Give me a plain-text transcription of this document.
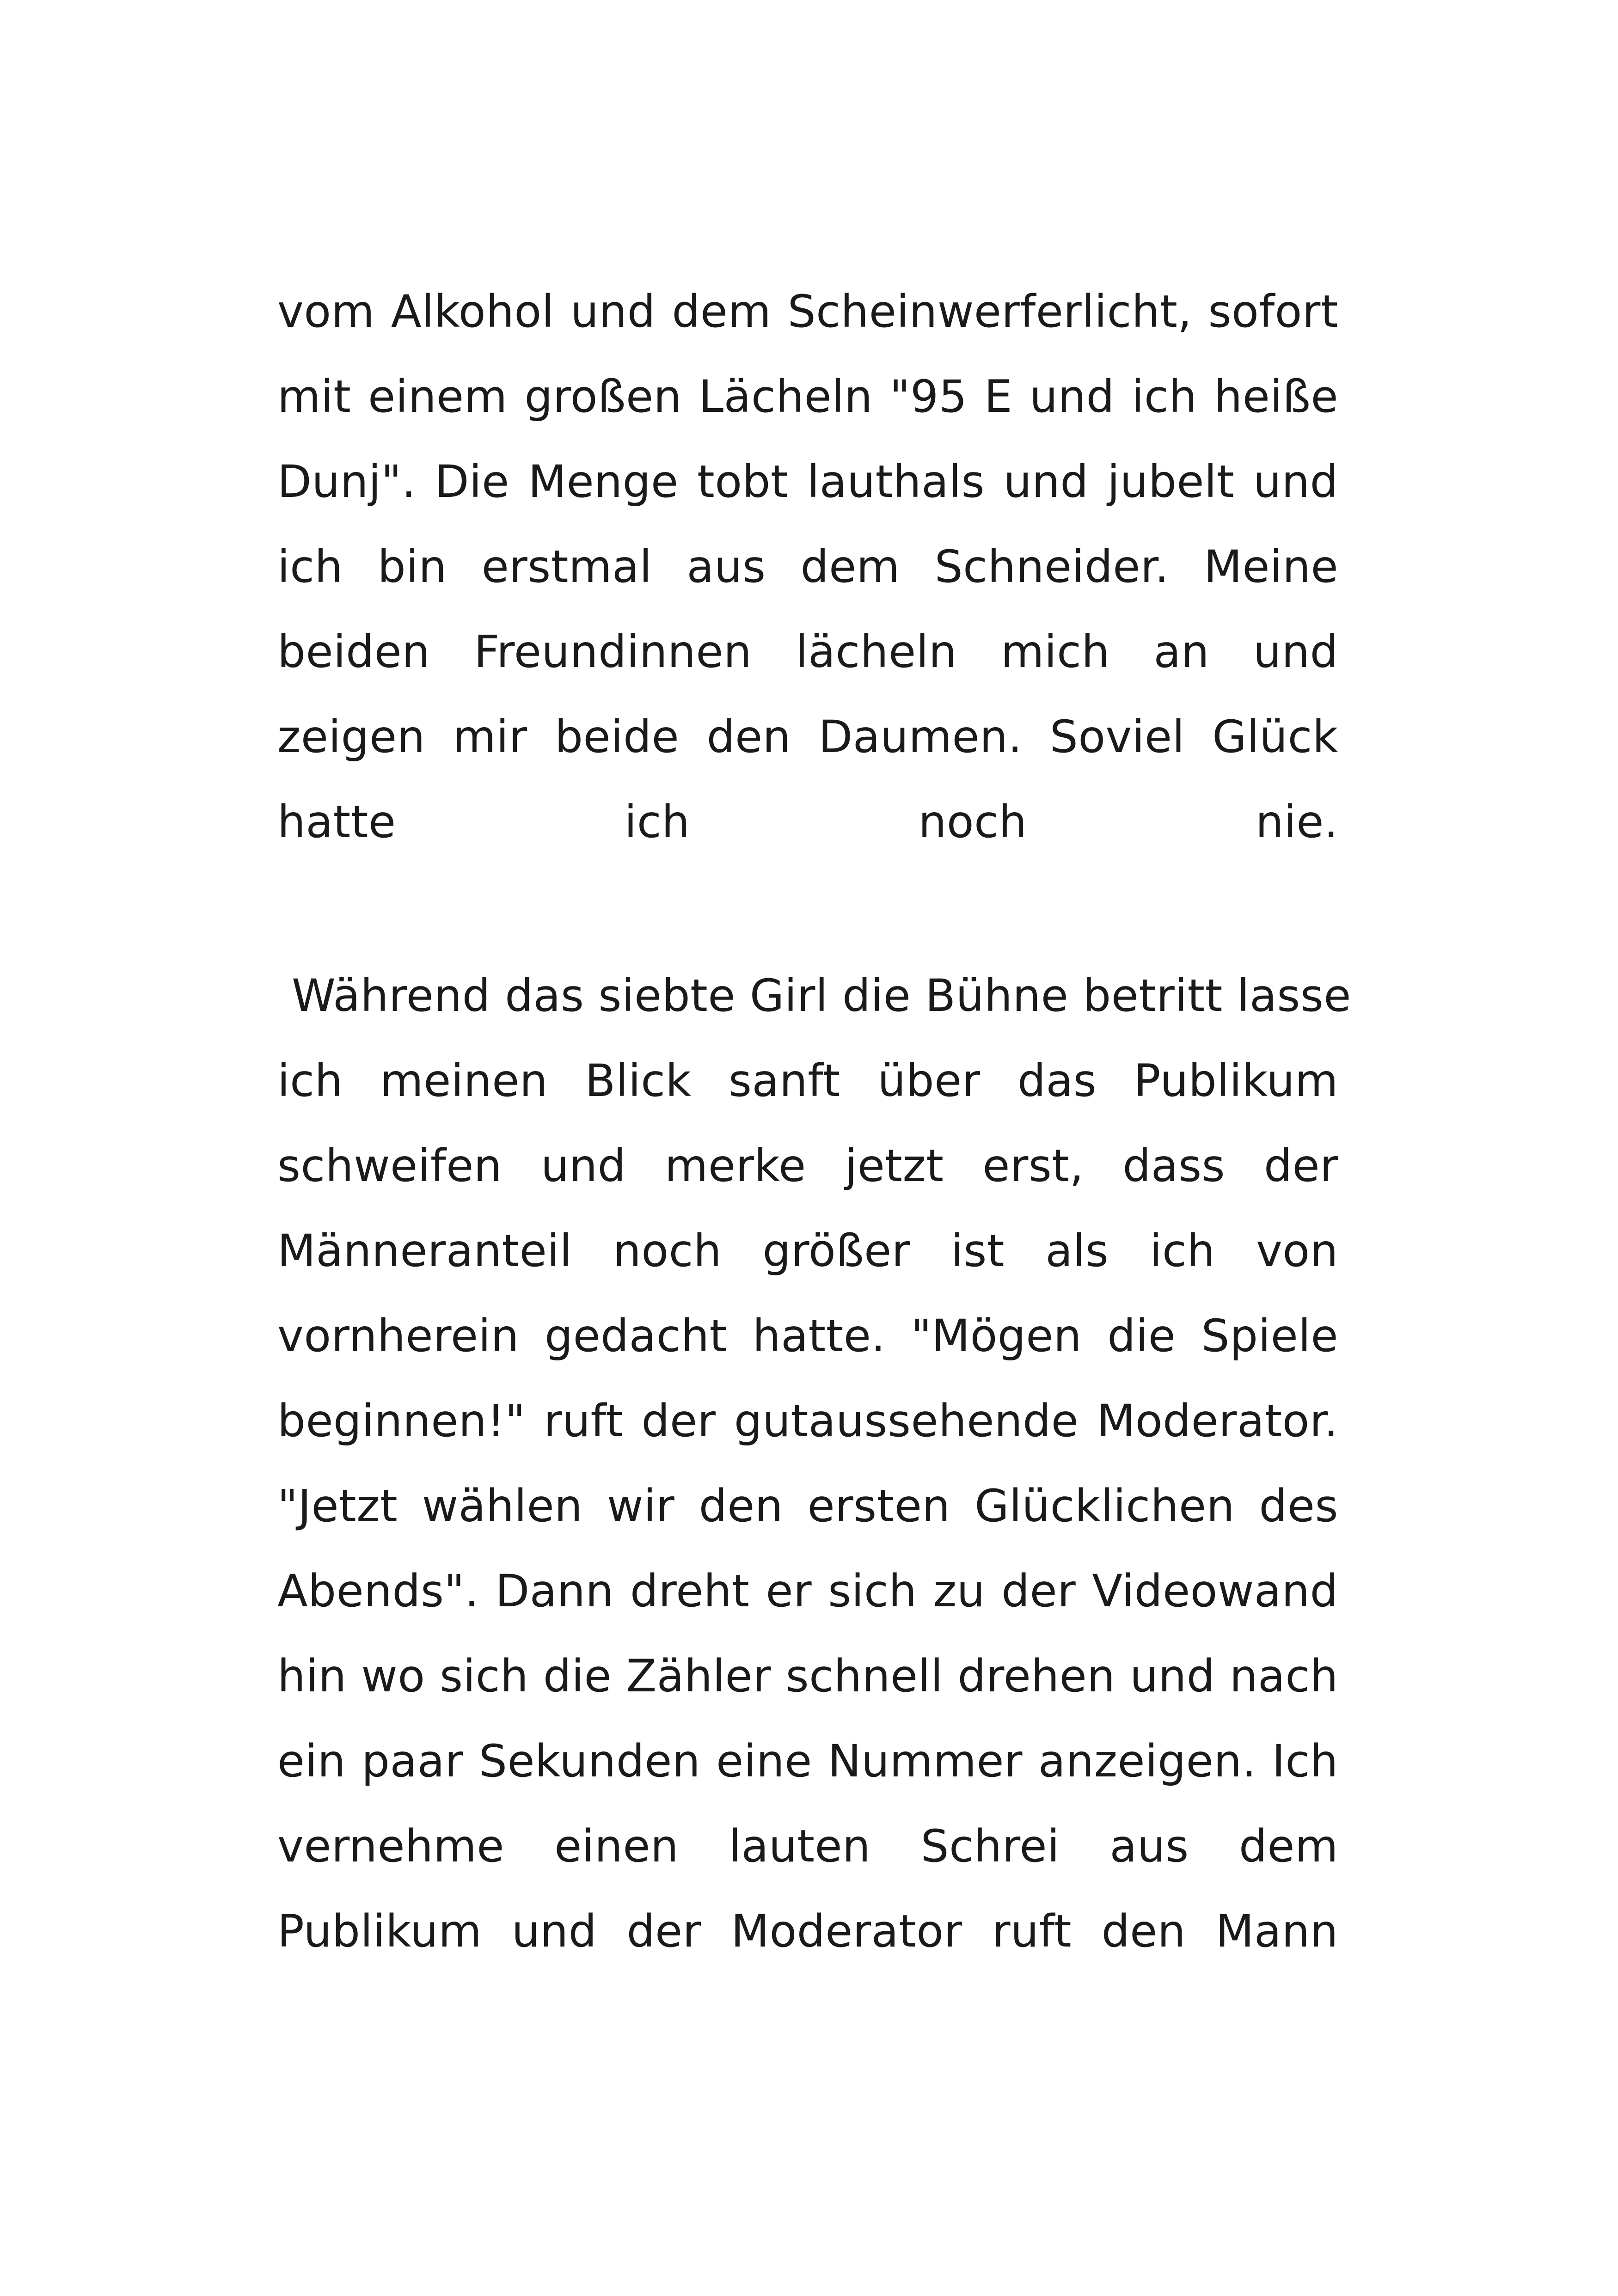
vom Alkohol und dem Scheinwerferlicht, sofort
mit einem großen Lächeln "95 E und ich heiße
Dunj". Die Menge tobt lauthals und jubelt und
ich bin erstmal aus dem Schneider. Meine
beiden Freundinnen lächeln mich an und
zeigen mir beide den Daumen. Soviel Glück
hatte ich noch nie.
Während das siebte Girl die Bühne betritt lasse
ich meinen Blick sanft über das Publikum
schweifen und merke jetzt erst, dass der
Männeranteil noch größer ist als ich von
vornherein gedacht hatte. "Mögen die Spiele
beginnen!" ruft der gutaussehende Moderator.
"Jetzt wählen wir den ersten Glücklichen des
Abends". Dann dreht er sich zu der Videowand
hin wo sich die Zähler schnell drehen und nach
ein paar Sekunden eine Nummer anzeigen. Ich
vernehme einen lauten Schrei aus dem
Publikum und der Moderator ruft den Mann
